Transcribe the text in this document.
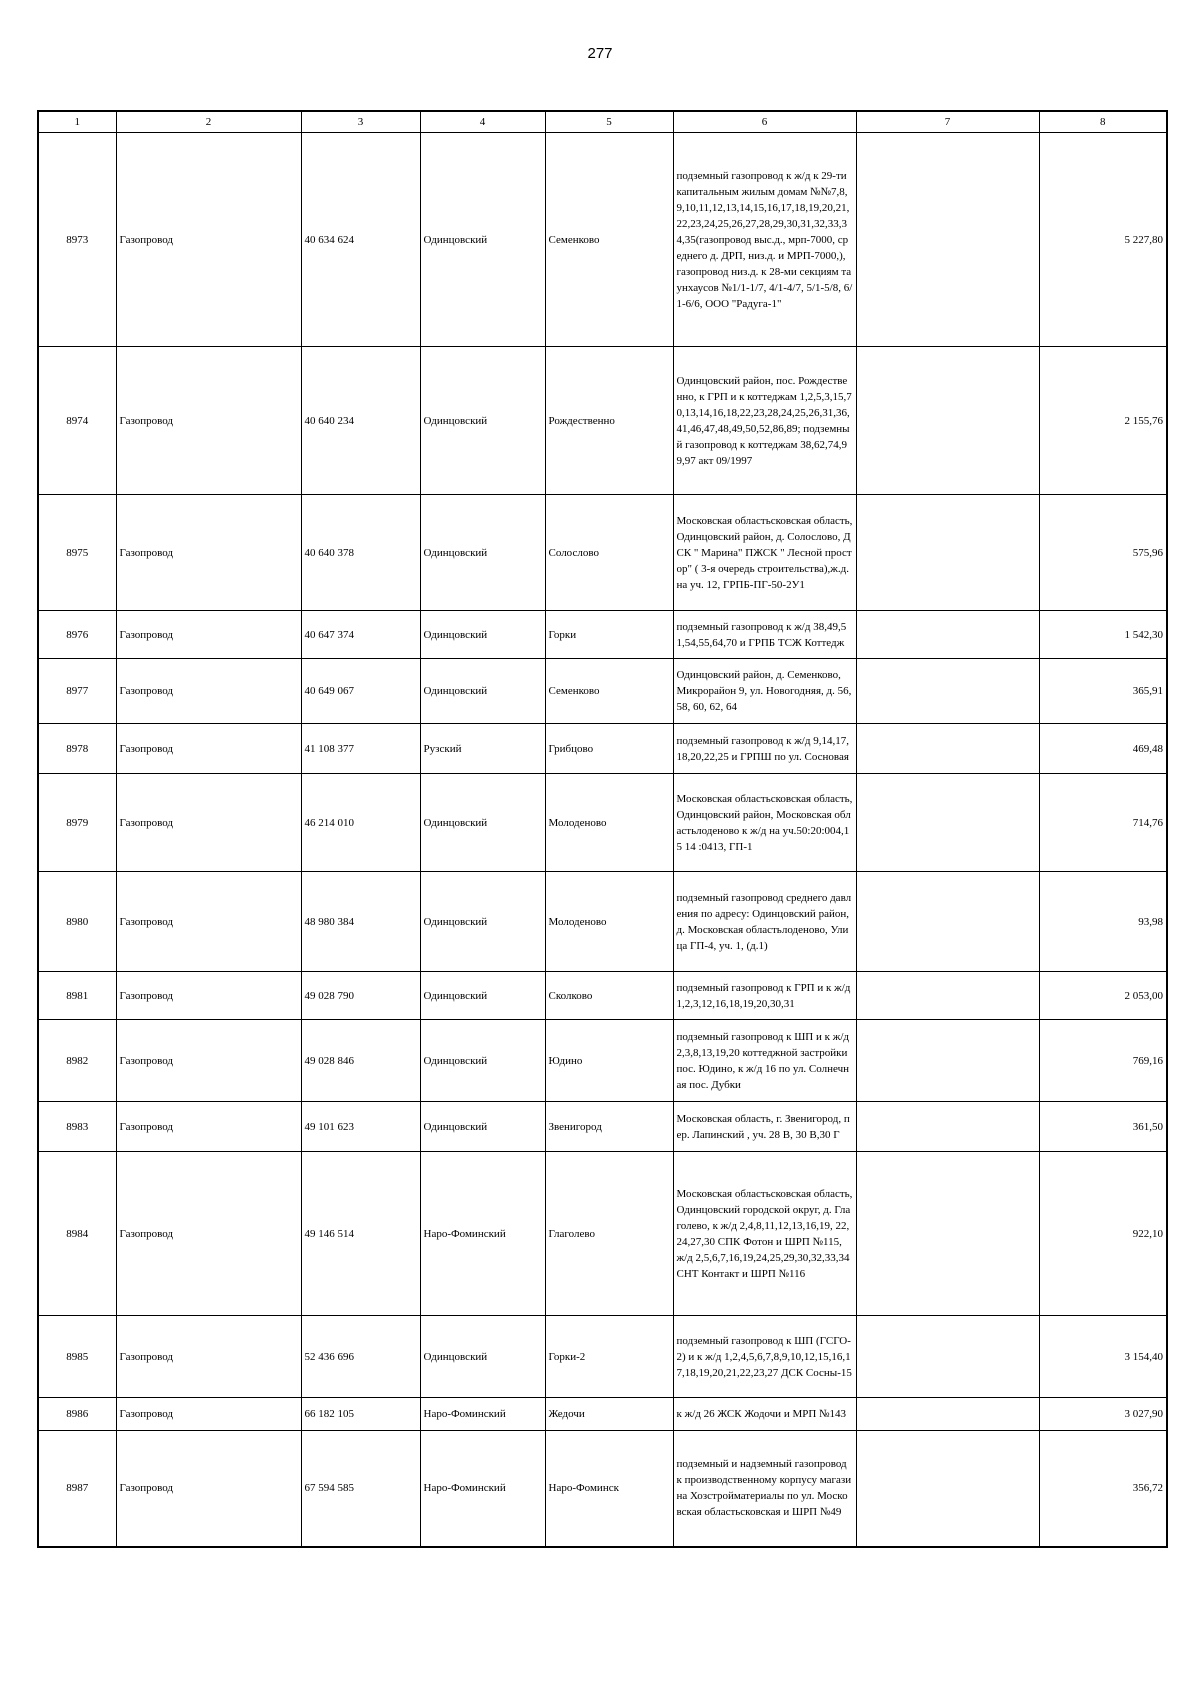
277
1	2	3	4	5	6	7	8
8973	Газопровод	40 634 624	Одинцовский	Семенково	подземный газопровод к ж/д к 29-ти капитальным жилым домам №№7,8,9,10,11,12,13,14,15,16,17,18,19,20,21,22,23,24,25,26,27,28,29,30,31,32,33,34,35(газопровод выс.д., мрп-7000, среднего д. ДРП, низ.д. и МРП-7000,), газопровод низ.д. к 28-ми секциям таунхаусов №1/1-1/7, 4/1-4/7, 5/1-5/8, 6/1-6/6, ООО "Радуга-1"		5 227,80
8974	Газопровод	40 640 234	Одинцовский	Рождественно	Одинцовский район, пос. Рождественно, к ГРП и к коттеджам 1,2,5,3,15,70,13,14,16,18,22,23,28,24,25,26,31,36,41,46,47,48,49,50,52,86,89; подземный газопровод к коттеджам 38,62,74,99,97 акт 09/1997		2 155,76
8975	Газопровод	40 640 378	Одинцовский	Солослово	Московская областьсковская область, Одинцовский район, д. Солослово, ДСК " Марина" ПЖСК " Лесной простор" ( 3-я очередь строительства),ж.д. на уч. 12, ГРПБ-ПГ-50-2У1		575,96
8976	Газопровод	40 647 374	Одинцовский	Горки	подземный газопровод к ж/д 38,49,51,54,55,64,70 и ГРПБ ТСЖ Коттедж		1 542,30
8977	Газопровод	40 649 067	Одинцовский	Семенково	Одинцовский район, д. Семенково, Микрорайон 9, ул. Новогодняя, д. 56, 58, 60, 62, 64		365,91
8978	Газопровод	41 108 377	Рузский	Грибцово	подземный газопровод к ж/д 9,14,17,18,20,22,25 и ГРПШ по ул. Сосновая		469,48
8979	Газопровод	46 214 010	Одинцовский	Молоденово	Московская областьсковская область, Одинцовский район, Московская областьлоденово к ж/д на уч.50:20:004,15 14 :0413, ГП-1		714,76
8980	Газопровод	48 980 384	Одинцовский	Молоденово	подземный газопровод среднего давления по адресу: Одинцовский район, д. Московская областьлоденово, Улица ГП-4, уч. 1, (д.1)		93,98
8981	Газопровод	49 028 790	Одинцовский	Сколково	подземный газопровод к ГРП и к ж/д 1,2,3,12,16,18,19,20,30,31		2 053,00
8982	Газопровод	49 028 846	Одинцовский	Юдино	подземный газопровод к ШП и к ж/д 2,3,8,13,19,20 коттеджной застройки пос. Юдино, к ж/д 16 по ул. Солнечная пос. Дубки		769,16
8983	Газопровод	49 101 623	Одинцовский	Звенигород	Московская область, г. Звенигород, пер. Лапинский , уч. 28 В, 30 В,30 Г		361,50
8984	Газопровод	49 146 514	Наро-Фоминский	Глаголево	Московская областьсковская область, Одинцовский городской округ, д. Глаголево, к ж/д 2,4,8,11,12,13,16,19, 22,24,27,30 СПК Фотон и ШРП №115, ж/д 2,5,6,7,16,19,24,25,29,30,32,33,34 СНТ Контакт и ШРП №116		922,10
8985	Газопровод	52 436 696	Одинцовский	Горки-2	подземный газопровод к ШП (ГСГО-2) и к ж/д 1,2,4,5,6,7,8,9,10,12,15,16,17,18,19,20,21,22,23,27 ДСК Сосны-15		3 154,40
8986	Газопровод	66 182 105	Наро-Фоминский	Жедочи	к ж/д 26 ЖСК Жодочи и МРП №143		3 027,90
8987	Газопровод	67 594 585	Наро-Фоминский	Наро-Фоминск	подземный и надземный газопровод к производственному корпусу магазина Хозстройматериалы по ул. Московская областьсковская и ШРП №49		356,72
